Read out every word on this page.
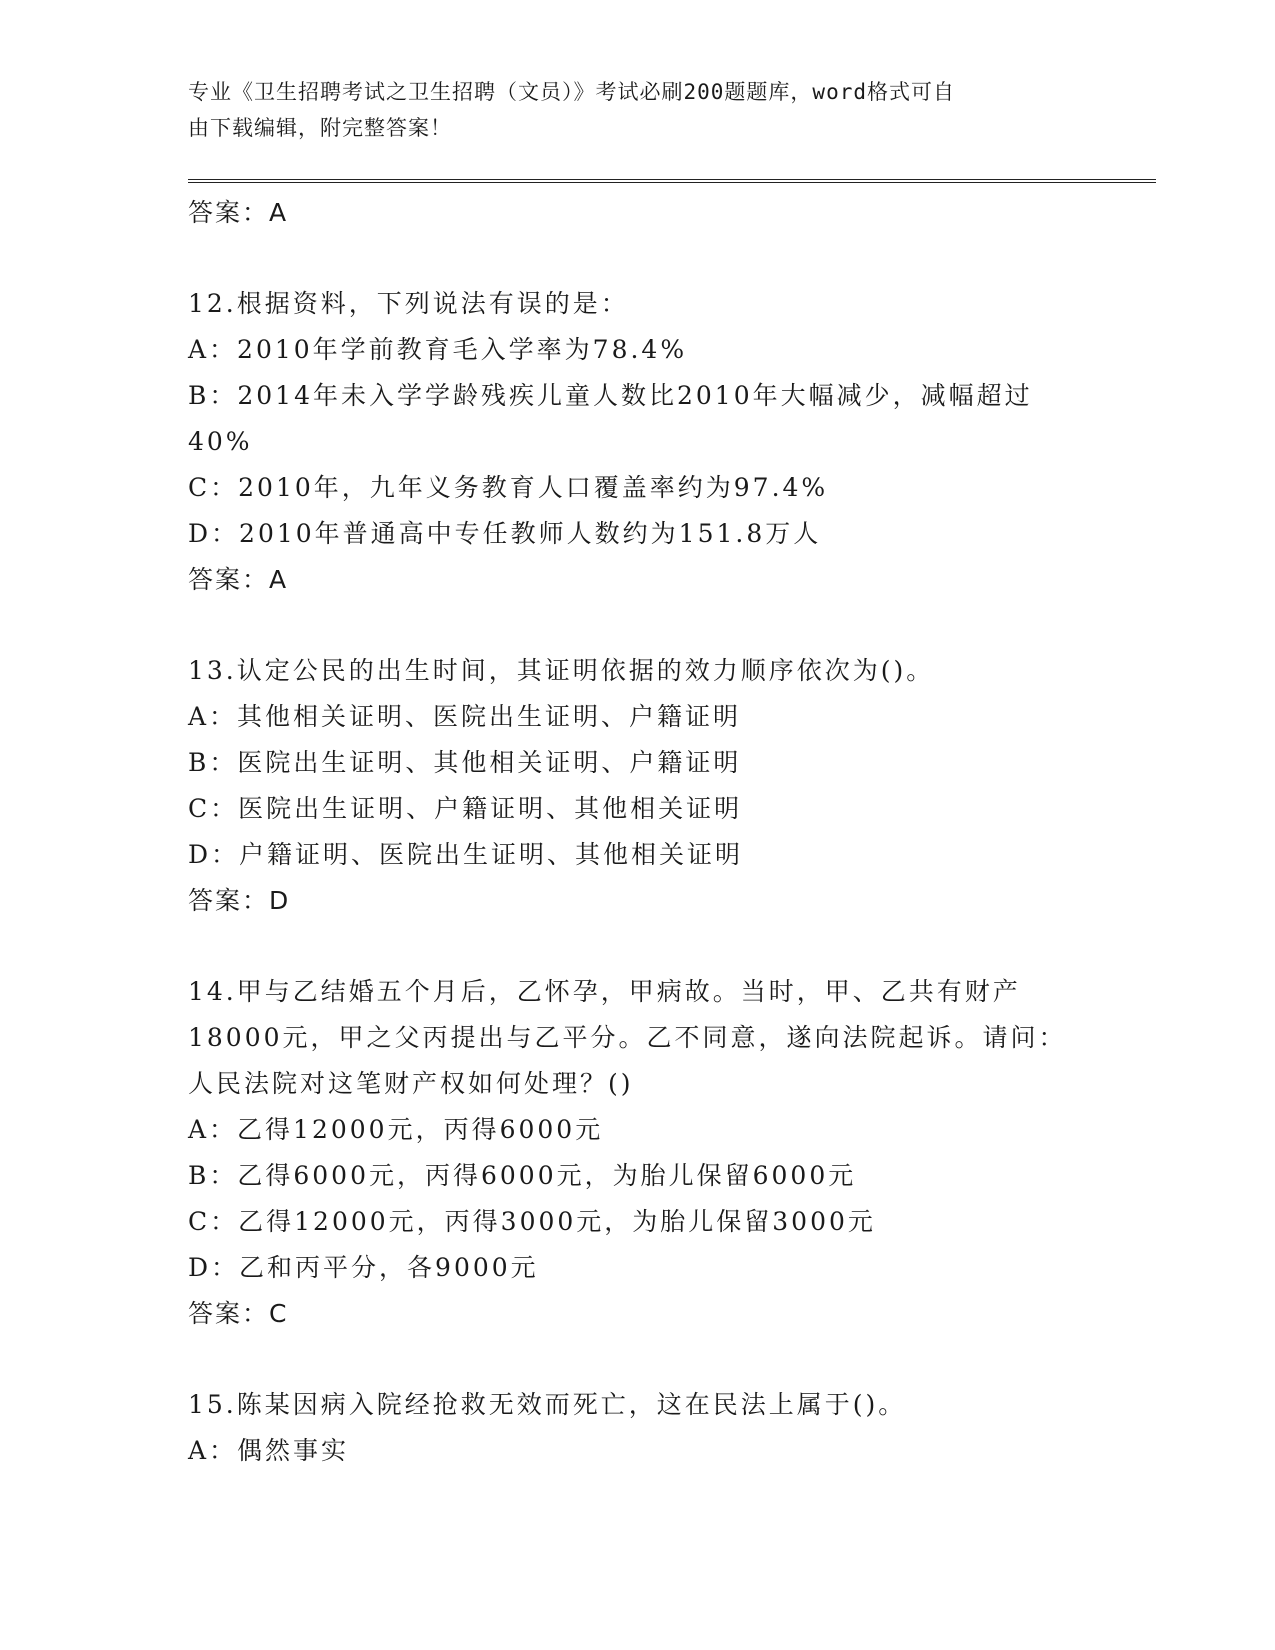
专业《卫生招聘考试之卫生招聘（文员）》考试必刷200题题库，word格式可自
由下载编辑，附完整答案！
答案：A
12.根据资料，下列说法有误的是：
A：2010年学前教育毛入学率为78.4%
B：2014年未入学学龄残疾儿童人数比2010年大幅减少，减幅超过
40%
C：2010年，九年义务教育人口覆盖率约为97.4%
D：2010年普通高中专任教师人数约为151.8万人
答案：A
13.认定公民的出生时间，其证明依据的效力顺序依次为()。
A：其他相关证明、医院出生证明、户籍证明
B：医院出生证明、其他相关证明、户籍证明
C：医院出生证明、户籍证明、其他相关证明
D：户籍证明、医院出生证明、其他相关证明
答案：D
14.甲与乙结婚五个月后，乙怀孕，甲病故。当时，甲、乙共有财产
18000元，甲之父丙提出与乙平分。乙不同意，遂向法院起诉。请问：
人民法院对这笔财产权如何处理？()
A：乙得12000元，丙得6000元
B：乙得6000元，丙得6000元，为胎儿保留6000元
C：乙得12000元，丙得3000元，为胎儿保留3000元
D：乙和丙平分，各9000元
答案：C
15.陈某因病入院经抢救无效而死亡，这在民法上属于()。
A：偶然事实
